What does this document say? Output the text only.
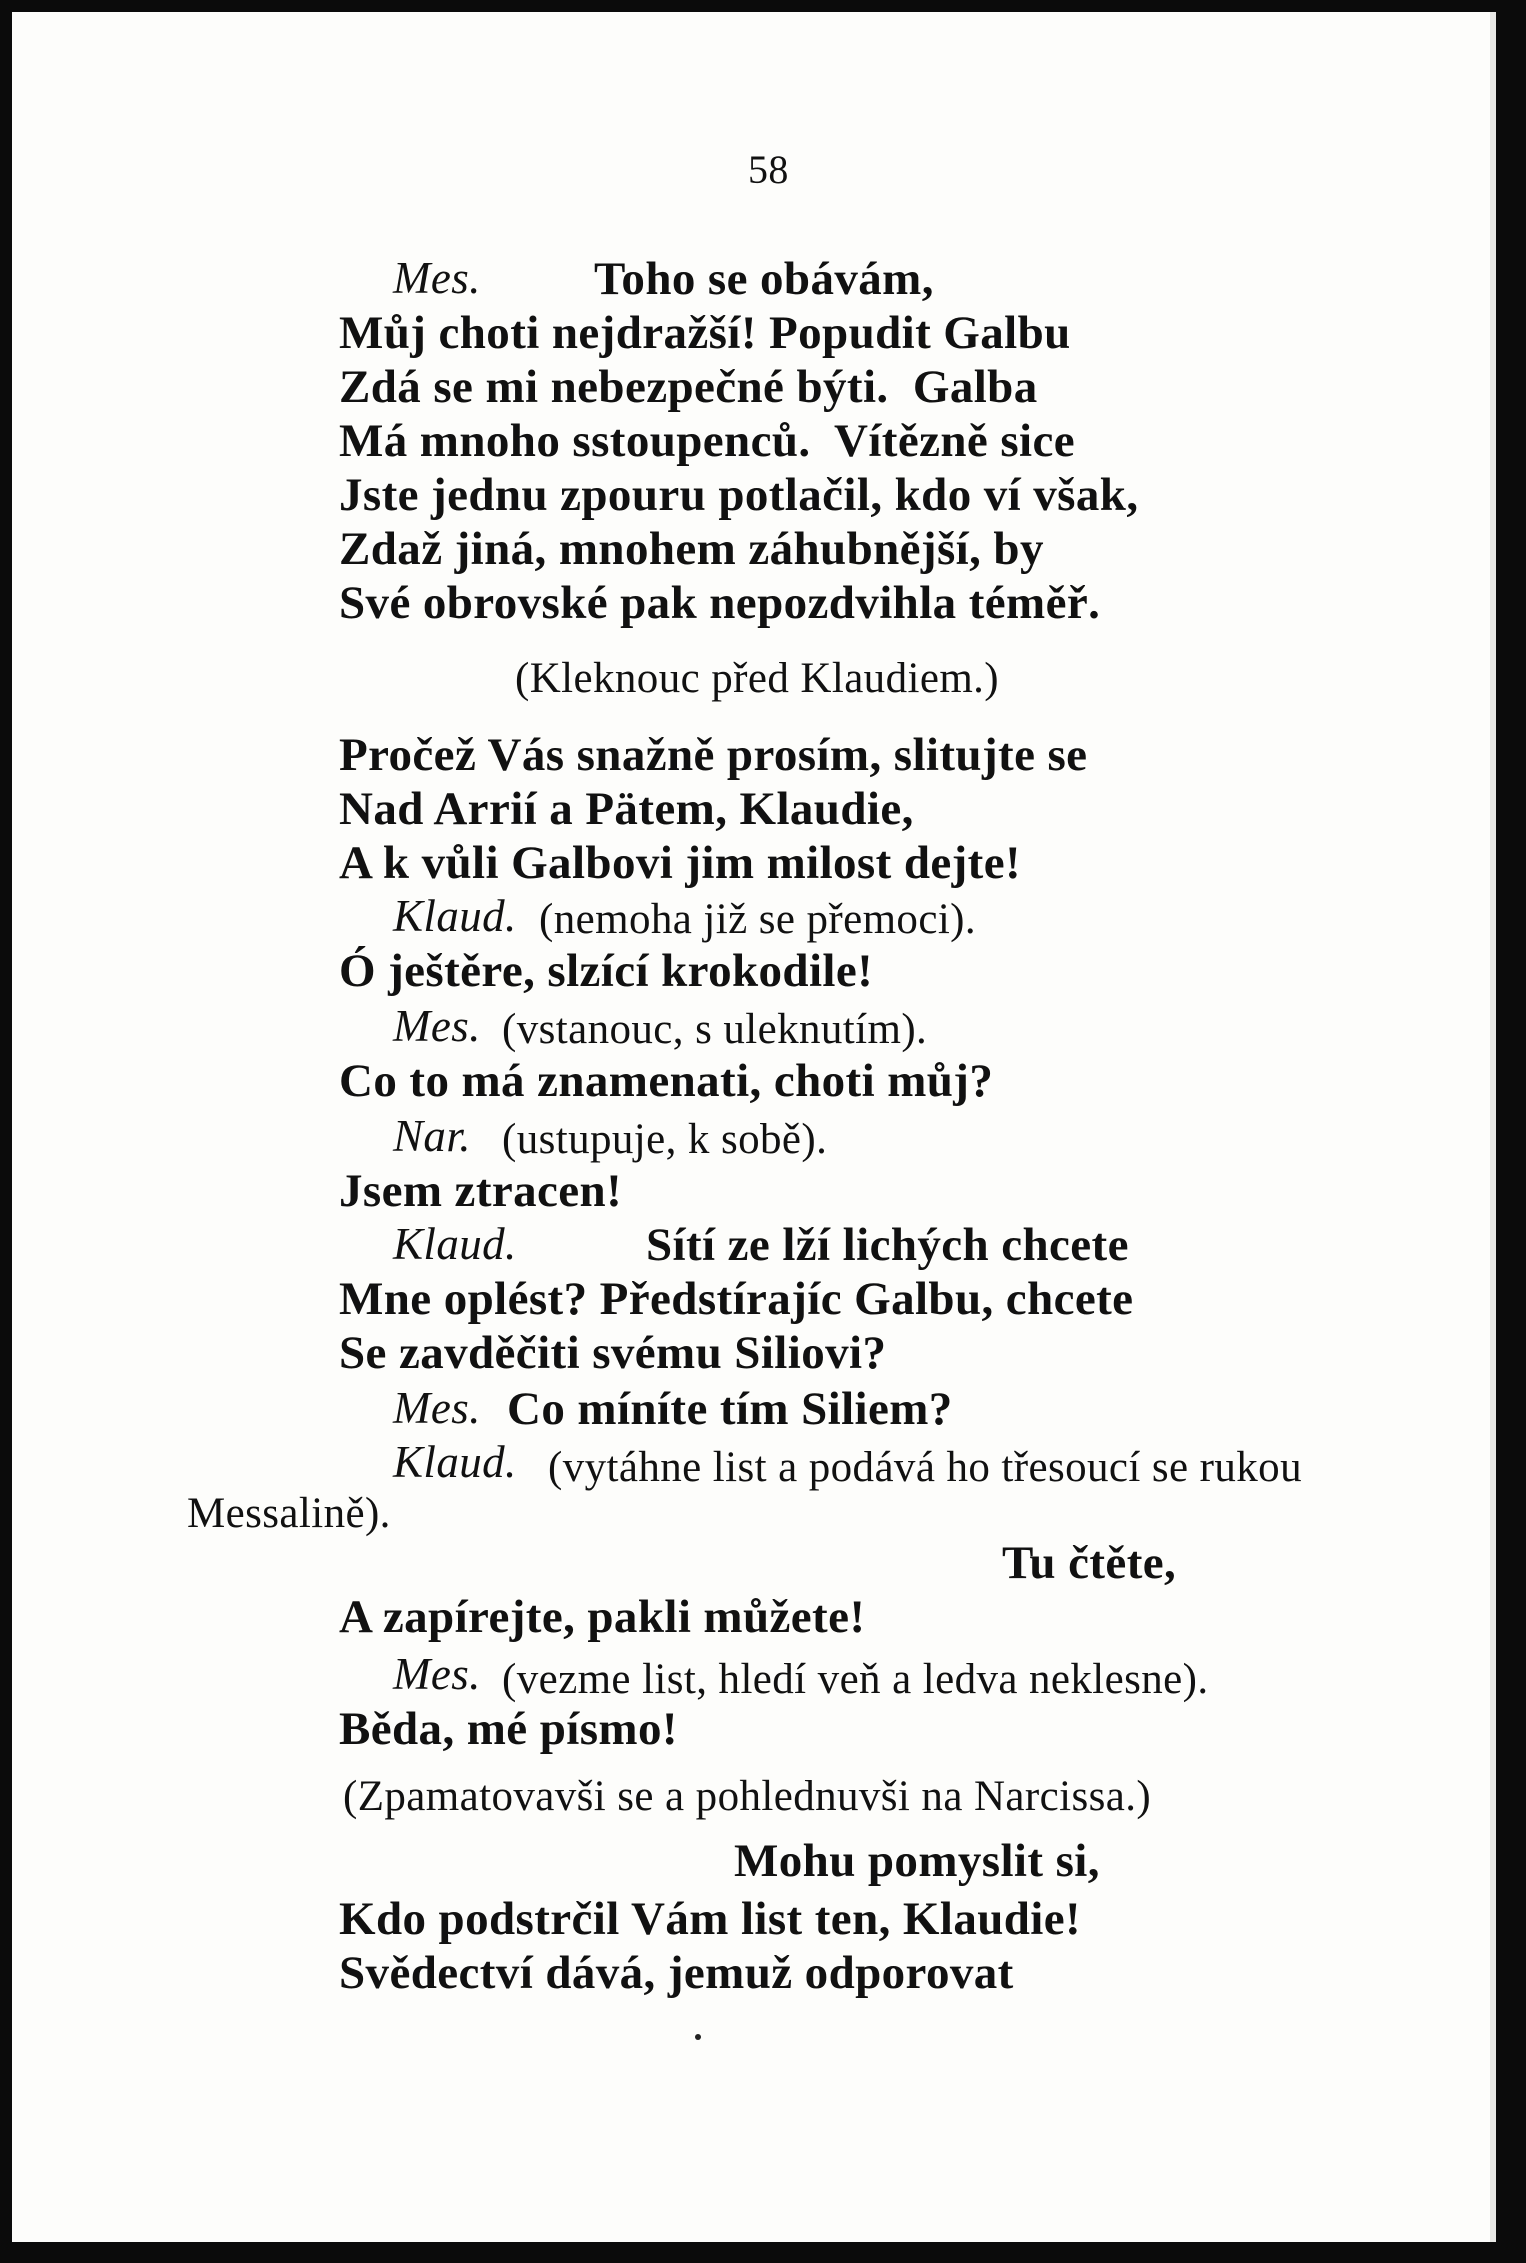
58
Mes. Toho se obávám,
Můj choti nejdražší! Popudit Galbu
Zdá se mi nebezpečné býti.  Galba
Má mnoho sstoupenců.  Vítězně sice
Jste jednu zpouru potlačil, kdo ví však,
Zdaž jiná, mnohem záhubnější, by
Své obrovské pak nepozdvihla téměř.
(Kleknouc před Klaudiem.)
Pročež Vás snažně prosím, slitujte se
Nad Arrií a Pätem, Klaudie,
A k vůli Galbovi jim milost dejte!
Klaud. (nemoha již se přemoci).
Ó ještěre, slzící krokodile!
Mes. (vstanouc, s uleknutím).
Co to má znamenati, choti můj?
Nar. (ustupuje, k sobě).
Jsem ztracen!
Klaud.	Sítí ze lží lichých chcete
Mne oplést? Předstírajíc Galbu, chcete
Se zavděčiti svému Siliovi?
Mes. Co míníte tím Siliem?
Klaud. (vytáhne list a podává ho třesoucí se rukou
Messalině).
Tu čtěte,
A zapírejte, pakli můžete!
Mes. (vezme list, hledí veň a ledva neklesne).
Běda, mé písmo!
(Zpamatovavši se a pohlednuvši na Narcissa.)
Mohu pomyslit si,
Kdo podstrčil Vám list ten, Klaudie!
Svědectví dává, jemuž odporovat
